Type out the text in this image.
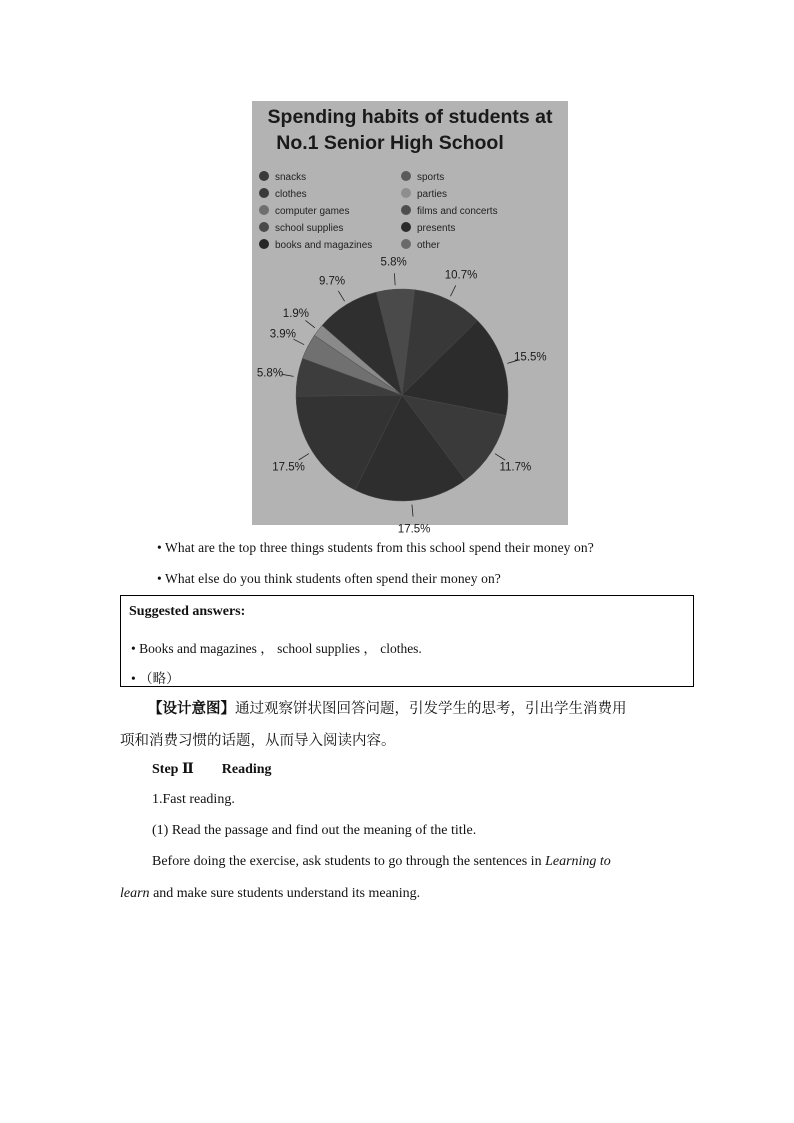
Spending habits of students at
No.1 Senior High School
snacks
clothes
computer games
school supplies
books and magazines
sports
parties
films and concerts
presents
other
10.7%
15.5%
11.7%
17.5%
17.5%
5.8%
3.9%
1.9%
9.7%
5.8%
• What are the top three things students from this school spend their money on?
• What else do you think students often spend their money on?
Suggested answers:
• Books and magazines ， school supplies ， clothes.
• （略）
【设计意图】通过观察饼状图回答问题，引发学生的思考，引出学生消费用
项和消费习惯的话题，从而导入阅读内容。
Step Ⅱ Reading
1.Fast reading.
(1) Read the passage and find out the meaning of the title.
Before doing the exercise, ask students to go through the sentences in Learning to
learn and make sure students understand its meaning.
